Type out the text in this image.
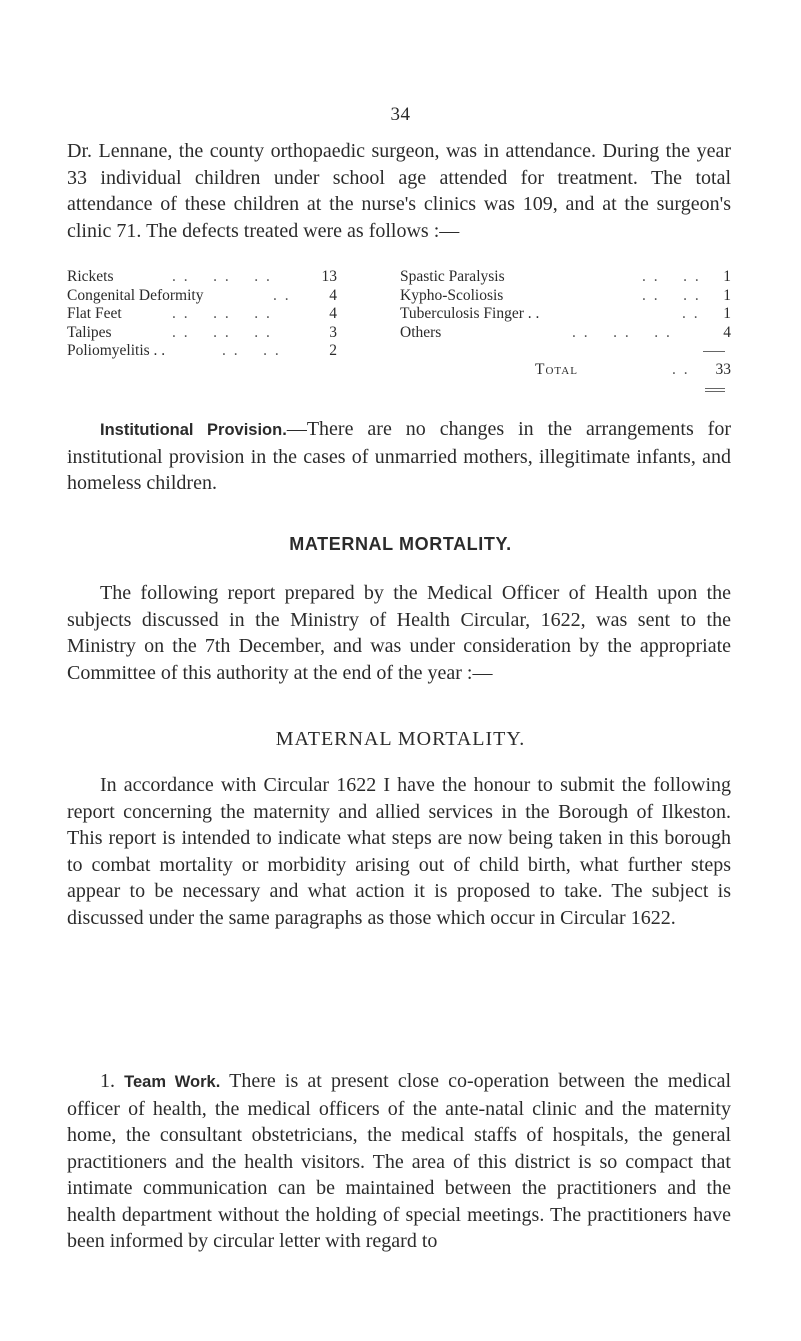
34

Dr. Lennane, the county orthopaedic surgeon, was in attendance. During the year 33 individual children under school age attended for treatment. The total attendance of these children at the nurse's clinics was 109, and at the surgeon's clinic 71. The defects treated were as follows :—

Rickets	. .    . .    . .	13
Congenital Deformity	. .	4
Flat Feet	. .    . .    . .	4
Talipes	. .    . .    . .	3
Poliomyelitis . .	. .    . .	2
Spastic Paralysis	. .    . .	1
Kypho-Scoliosis	. .    . .	1
Tuberculosis Finger . .	. .	1
Others	. .    . .    . .	4
Total	. .	33

Institutional Provision.—There are no changes in the arrangements for institutional provision in the cases of unmarried mothers, illegitimate infants, and homeless children.

MATERNAL MORTALITY.

The following report prepared by the Medical Officer of Health upon the subjects discussed in the Ministry of Health Circular, 1622, was sent to the Ministry on the 7th December, and was under consideration by the appropriate Committee of this authority at the end of the year :—

MATERNAL MORTALITY.

In accordance with Circular 1622 I have the honour to submit the following report concerning the maternity and allied services in the Borough of Ilkeston. This report is intended to indicate what steps are now being taken in this borough to combat mortality or morbidity arising out of child birth, what further steps appear to be necessary and what action it is proposed to take. The subject is discussed under the same paragraphs as those which occur in Circular 1622.

1. Team Work. There is at present close co-operation between the medical officer of health, the medical officers of the ante-natal clinic and the maternity home, the consultant obstetricians, the medical staffs of hospitals, the general practitioners and the health visitors. The area of this district is so compact that intimate communication can be maintained between the practitioners and the health department without the holding of special meetings. The practitioners have been informed by circular letter with regard to
